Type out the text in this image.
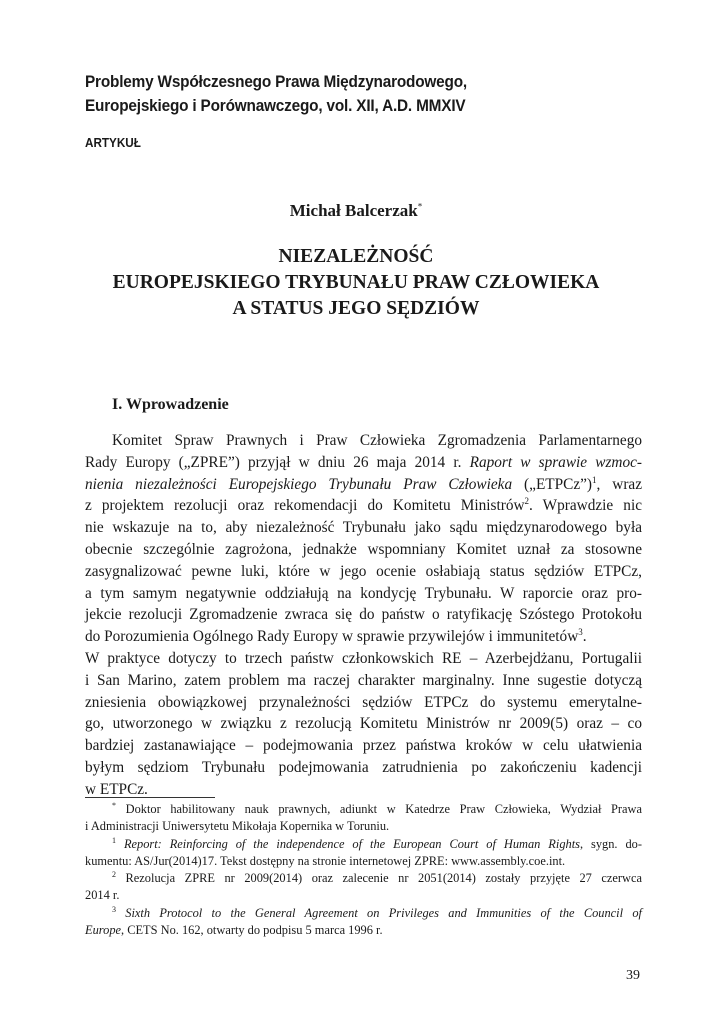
Problemy Współczesnego Prawa Międzynarodowego,
Europejskiego i Porównawczego, vol. XII, A.D. MMXIV
ARTYKUŁ
Michał Balcerzak*
NIEZALEŻNOŚĆ
EUROPEJSKIEGO TRYBUNAŁU PRAW CZŁOWIEKA
A STATUS JEGO SĘDZIÓW
I. Wprowadzenie
Komitet Spraw Prawnych i Praw Człowieka Zgromadzenia Parlamentarnego
Rady Europy („ZPRE”) przyjął w dniu 26 maja 2014 r. Raport w sprawie wzmoc-
nienia niezależności Europejskiego Trybunału Praw Człowieka („ETPCz”)$^1$, wraz
z projektem rezolucji oraz rekomendacji do Komitetu Ministrów$^2$. Wprawdzie nic
nie wskazuje na to, aby niezależność Trybunału jako sądu międzynarodowego była
obecnie szczególnie zagrożona, jednakże wspomniany Komitet uznał za stosowne
zasygnalizować pewne luki, które w jego ocenie osłabiają status sędziów ETPCz,
a tym samym negatywnie oddziałują na kondycję Trybunału. W raporcie oraz pro-
jekcie rezolucji Zgromadzenie zwraca się do państw o ratyfikację Szóstego Protokołu
do Porozumienia Ogólnego Rady Europy w sprawie przywilejów i immunitetów$^3$.
W praktyce dotyczy to trzech państw członkowskich RE – Azerbejdżanu, Portugalii
i San Marino, zatem problem ma raczej charakter marginalny. Inne sugestie dotyczą
zniesienia obowiązkowej przynależności sędziów ETPCz do systemu emerytalne-
go, utworzonego w związku z rezolucją Komitetu Ministrów nr 2009(5) oraz – co
bardziej zastanawiające – podejmowania przez państwa kroków w celu ułatwienia
byłym sędziom Trybunału podejmowania zatrudnienia po zakończeniu kadencji
w ETPCz.
* Doktor habilitowany nauk prawnych, adiunkt w Katedrze Praw Człowieka, Wydział Prawa
i Administracji Uniwersytetu Mikołaja Kopernika w Toruniu.
$^1$ Report: Reinforcing of the independence of the European Court of Human Rights, sygn. do-
kumentu: AS/Jur(2014)17. Tekst dostępny na stronie internetowej ZPRE: www.assembly.coe.int.
$^2$ Rezolucja ZPRE nr 2009(2014) oraz zalecenie nr 2051(2014) zostały przyjęte 27 czerwca
2014 r.
$^3$ Sixth Protocol to the General Agreement on Privileges and Immunities of the Council of
Europe, CETS No. 162, otwarty do podpisu 5 marca 1996 r.
39
